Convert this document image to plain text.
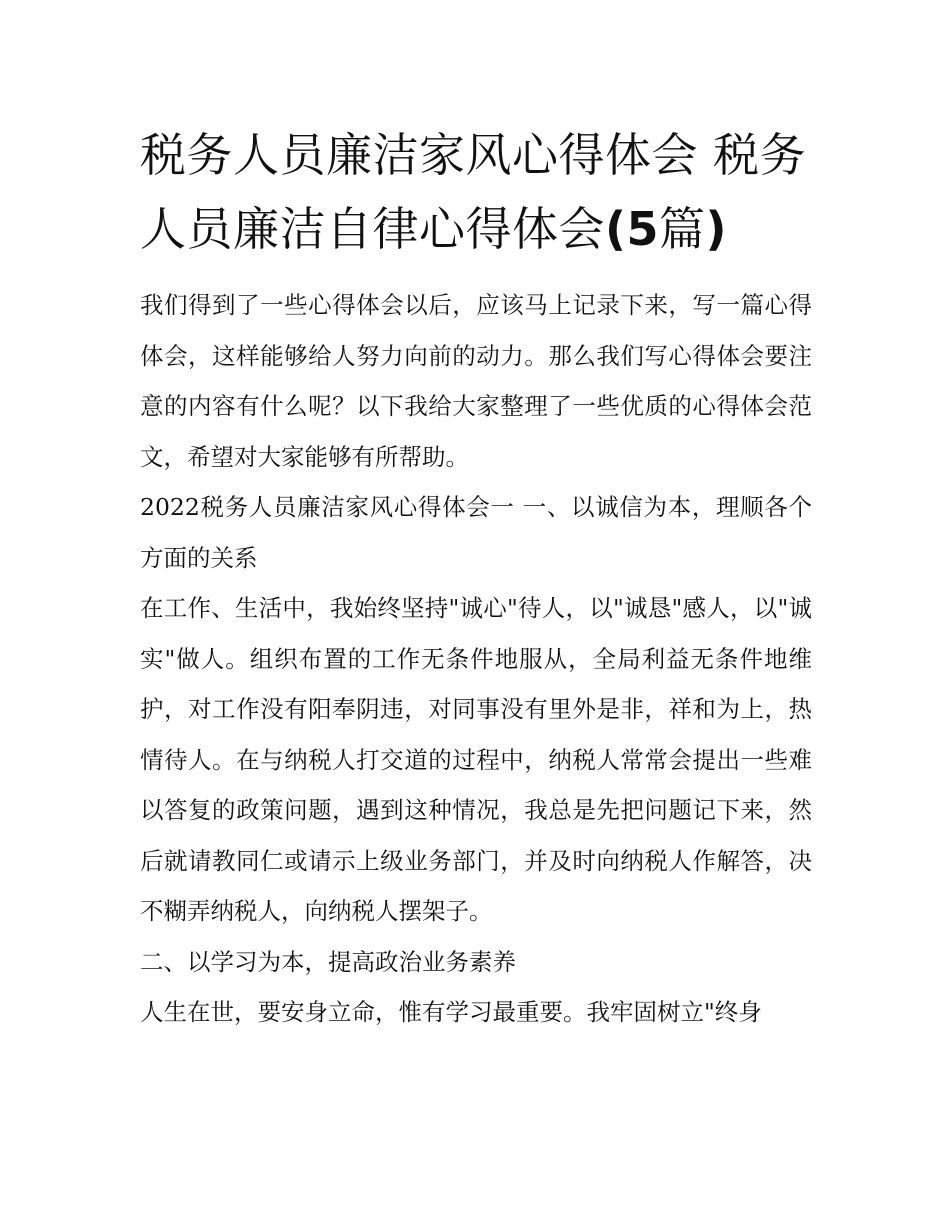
税务人员廉洁家风心得体会 税务人员廉洁自律心得体会(5篇)

我们得到了一些心得体会以后，应该马上记录下来，写一篇心得体会，这样能够给人努力向前的动力。那么我们写心得体会要注意的内容有什么呢？以下我给大家整理了一些优质的心得体会范文，希望对大家能够有所帮助。

2022税务人员廉洁家风心得体会一 一、以诚信为本，理顺各个方面的关系

在工作、生活中，我始终坚持"诚心"待人，以"诚恳"感人，以"诚实"做人。组织布置的工作无条件地服从，全局利益无条件地维护，对工作没有阳奉阴违，对同事没有里外是非，祥和为上，热情待人。在与纳税人打交道的过程中，纳税人常常会提出一些难以答复的政策问题，遇到这种情况，我总是先把问题记下来，然后就请教同仁或请示上级业务部门，并及时向纳税人作解答，决不糊弄纳税人，向纳税人摆架子。

二、以学习为本，提高政治业务素养

人生在世，要安身立命，惟有学习最重要。我牢固树立"终身
